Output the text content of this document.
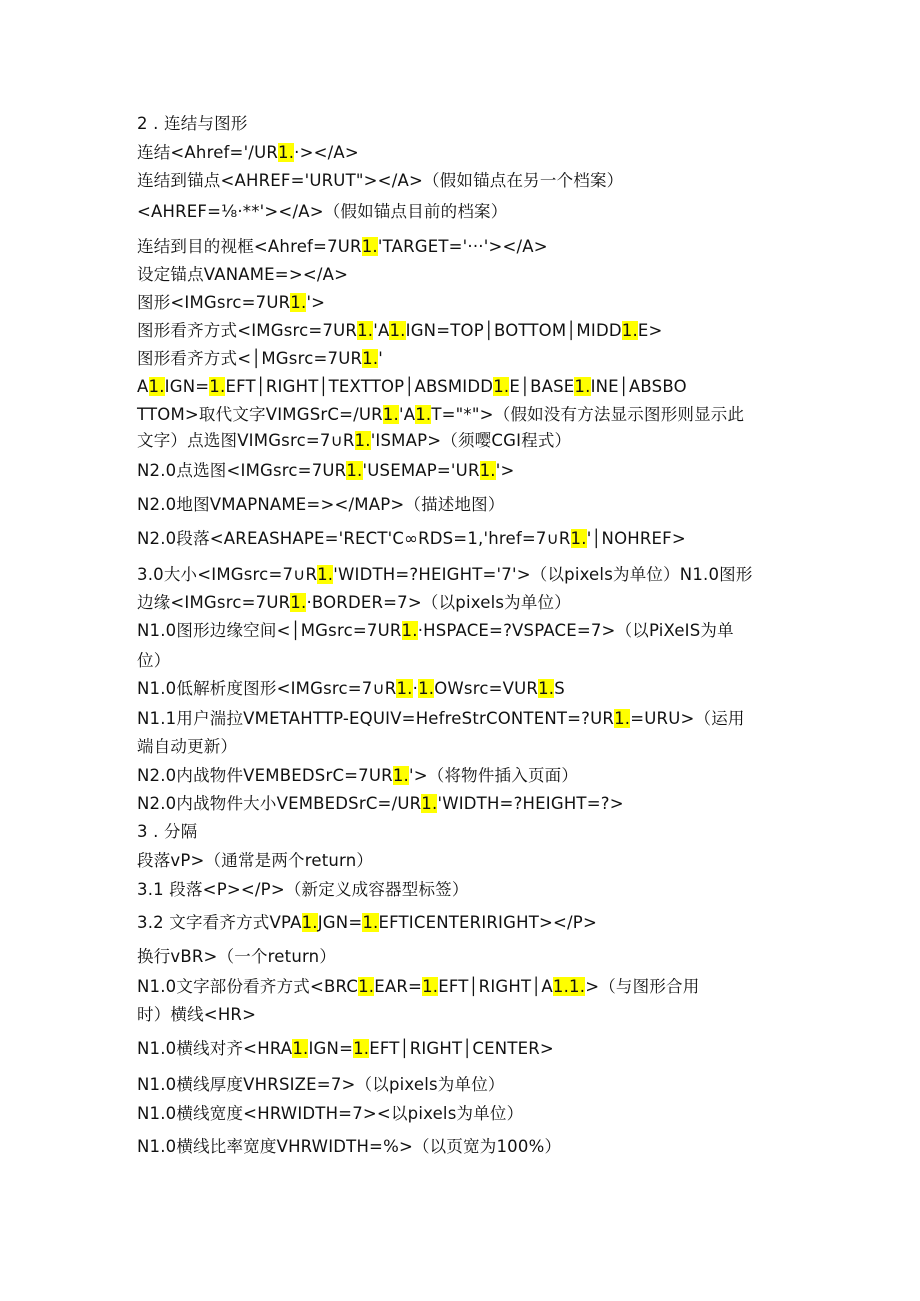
2 . 连结与图形
连结<Ahref='/UR1.·></A>
连结到锚点<AHREF='URUT"></A>（假如锚点在另一个档案）
<AHREF=⅛·**'></A>（假如锚点目前的档案）
连结到目的视框<Ahref=7UR1.'TARGET='···'></A>
设定锚点VANAME=></A>
图形<IMGsrc=7UR1.'>
图形看齐方式<IMGsrc=7UR1.'A1.IGN=TOP│BOTTOM│MIDD1.E>
图形看齐方式<│MGsrc=7UR1.'
A1.IGN=1.EFT│RIGHT│TEXTTOP│ABSMIDD1.E│BASE1.INE│ABSBO
TTOM>取代文字VIMGSrC=/UR1.'A1.T="*">（假如没有方法显示图形则显示此
文字）点选图VIMGsrc=7∪R1.'ISMAP>（须嘤CGI程式）
N2.0点选图<IMGsrc=7UR1.'USEMAP='UR1.'>
N2.0地图VMAPNAME=></MAP>（描述地图）
N2.0段落<AREASHAPE='RECT'C∞RDS=1,'href=7∪R1.'│NOHREF>
3.0大小<IMGsrc=7∪R1.'WIDTH=?HEIGHT='7'>（以pixels为单位）N1.0图形
边缘<IMGsrc=7UR1.·BORDER=7>（以pixels为单位）
N1.0图形边缘空间<│MGsrc=7UR1.·HSPACE=?VSPACE=7>（以PiXeIS为单
位）
N1.0低解析度图形<IMGsrc=7∪R1.·1.OWsrc=VUR1.S
N1.1用户湍拉VMETAHTTP-EQUIV=HefreStrCONTENT=?UR1.=URU>（运用
端自动更新）
N2.0内战物件VEMBEDSrC=7UR1.'>（将物件插入页面）
N2.0内战物件大小VEMBEDSrC=/UR1.'WIDTH=?HEIGHT=?>
3 . 分隔
段落vP>（通常是两个return）
3.1 段落<P></P>（新定义成容器型标签）
3.2 文字看齐方式VPA1.JGN=1.EFTICENTERIRIGHT></P>
换行vBR>（一个return）
N1.0文字部份看齐方式<BRC1.EAR=1.EFT│RIGHT│A1.1.>（与图形合用
时）横线<HR>
N1.0横线对齐<HRA1.IGN=1.EFT│RIGHT│CENTER>
N1.0横线厚度VHRSIZE=7>（以pixels为单位）
N1.0横线宽度<HRWIDTH=7><以pixels为单位）
N1.0横线比率宽度VHRWIDTH=%>（以页宽为100%）
